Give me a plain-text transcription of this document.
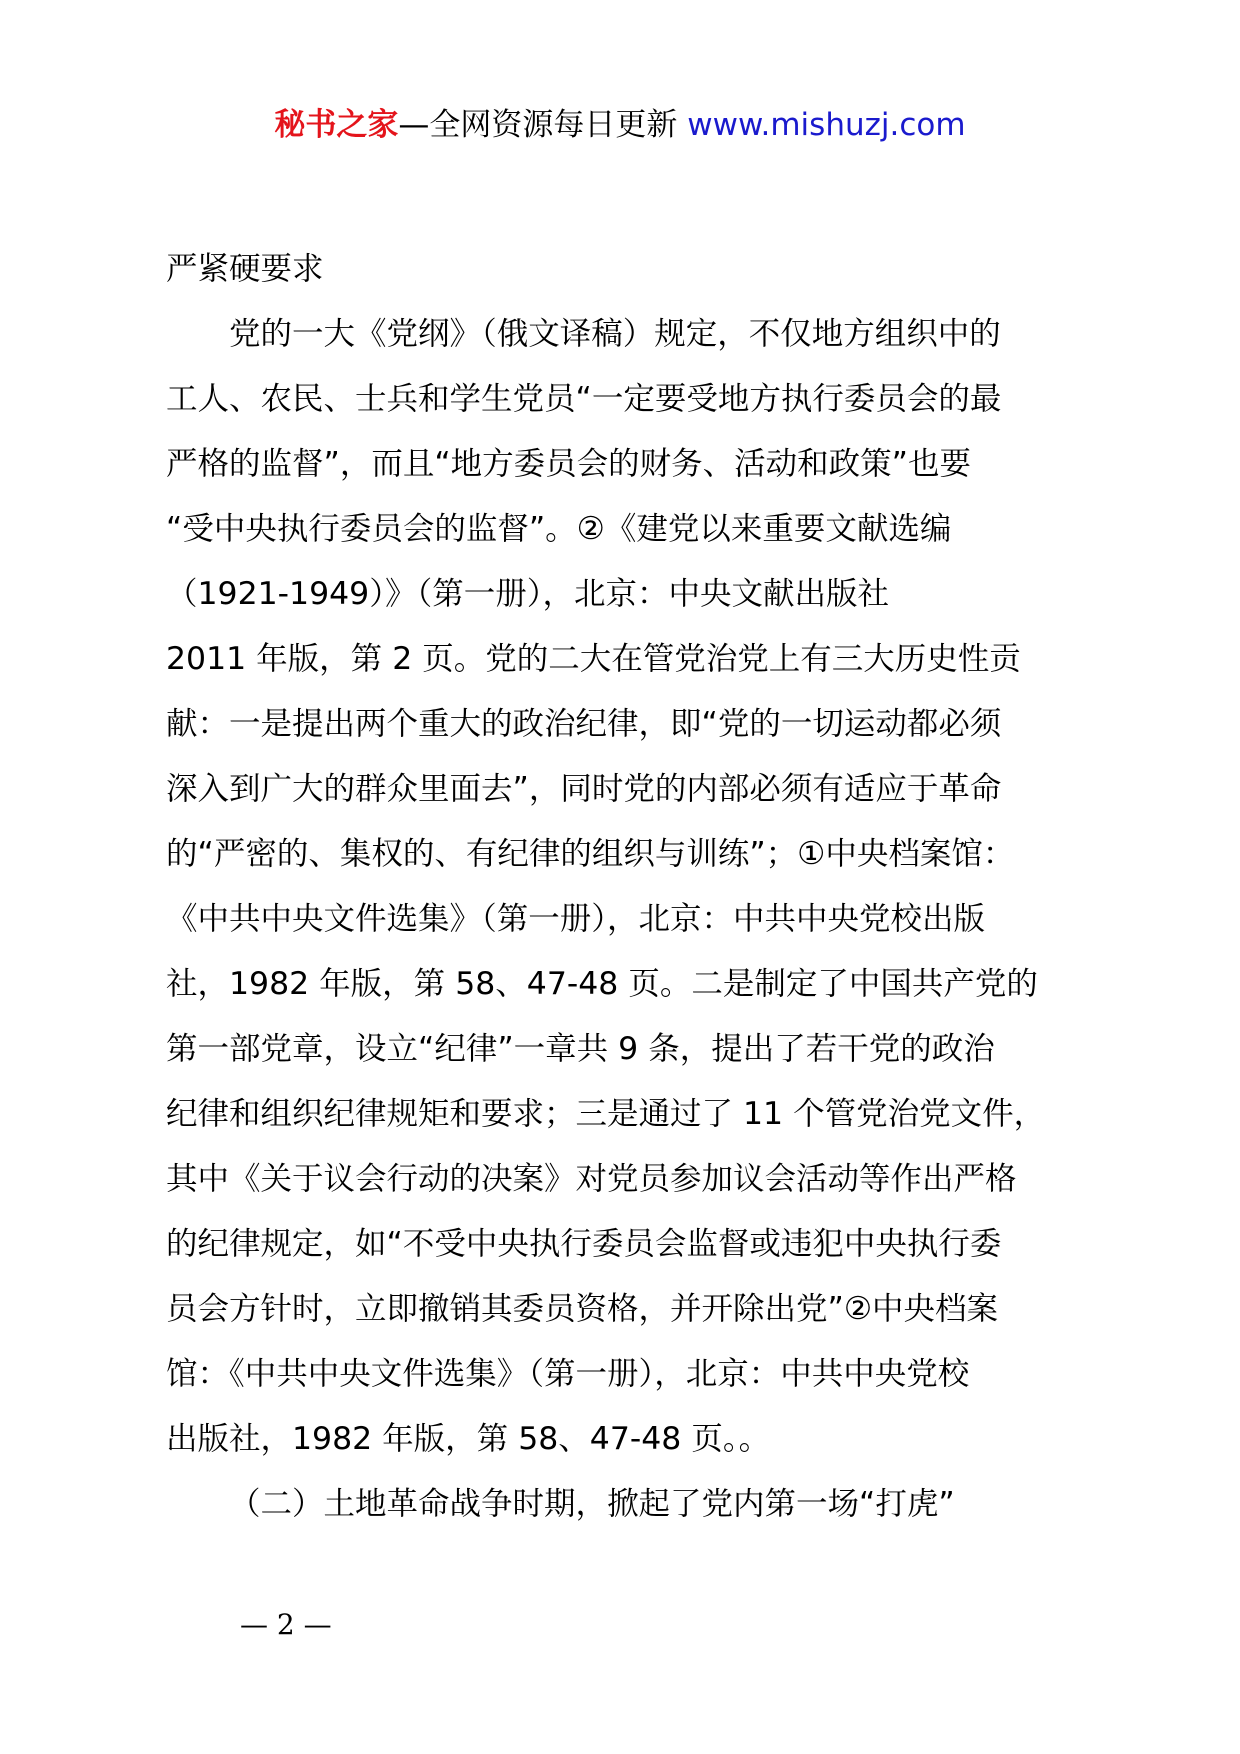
秘书之家—全网资源每日更新 www.mishuzj.com
严紧硬要求
党的一大《党纲》（俄文译稿）规定，不仅地方组织中的
工人、农民、士兵和学生党员“一定要受地方执行委员会的最
严格的监督”，而且“地方委员会的财务、活动和政策”也要
“受中央执行委员会的监督”。②《建党以来重要文献选编
（1921-1949）》（第一册），北京：中央文献出版社
2011 年版，第 2 页。党的二大在管党治党上有三大历史性贡
献：一是提出两个重大的政治纪律，即“党的一切运动都必须
深入到广大的群众里面去”，同时党的内部必须有适应于革命
的“严密的、集权的、有纪律的组织与训练”；①中央档案馆：
《中共中央文件选集》（第一册），北京：中共中央党校出版
社，1982 年版，第 58、47-48 页。二是制定了中国共产党的
第一部党章，设立“纪律”一章共 9 条，提出了若干党的政治
纪律和组织纪律规矩和要求；三是通过了 11 个管党治党文件，
其中《关于议会行动的决案》对党员参加议会活动等作出严格
的纪律规定，如“不受中央执行委员会监督或违犯中央执行委
员会方针时，立即撤销其委员资格，并开除出党”②中央档案
馆：《中共中央文件选集》（第一册），北京：中共中央党校
出版社，1982 年版，第 58、47-48 页。。
（二）土地革命战争时期，掀起了党内第一场“打虎”
— 2 —
